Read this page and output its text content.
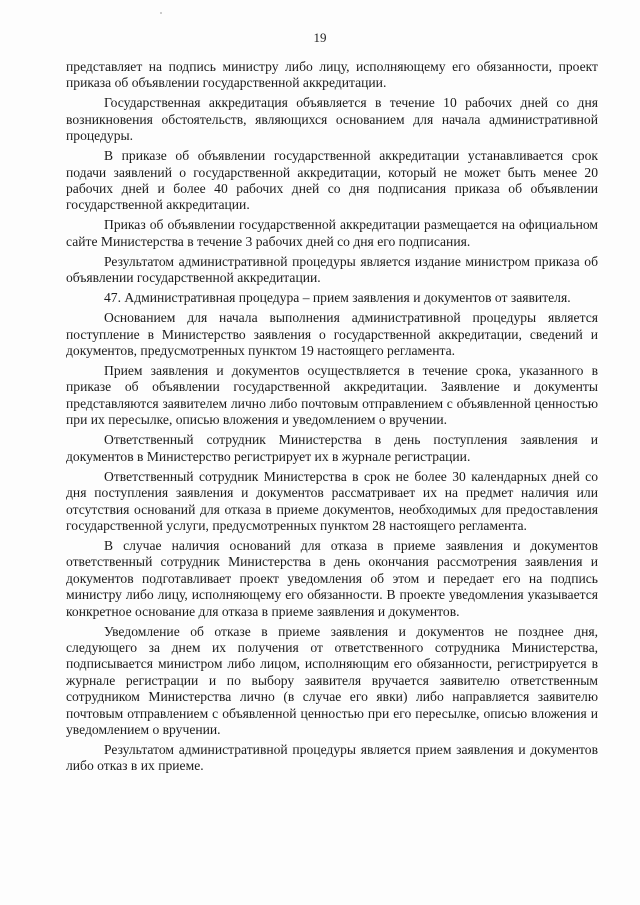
19

представляет на подпись министру либо лицу, исполняющему его обязанности, проект приказа об объявлении государственной аккредитации.

Государственная аккредитация объявляется в течение 10 рабочих дней со дня возникновения обстоятельств, являющихся основанием для начала административной процедуры.

В приказе об объявлении государственной аккредитации устанавливается срок подачи заявлений о государственной аккредитации, который не может быть менее 20 рабочих дней и более 40 рабочих дней со дня подписания приказа об объявлении государственной аккредитации.

Приказ об объявлении государственной аккредитации размещается на официальном сайте Министерства в течение 3 рабочих дней со дня его подписания.

Результатом административной процедуры является издание министром приказа об объявлении государственной аккредитации.

47. Административная процедура – прием заявления и документов от заявителя.

Основанием для начала выполнения административной процедуры является поступление в Министерство заявления о государственной аккредитации, сведений и документов, предусмотренных пунктом 19 настоящего регламента.

Прием заявления и документов осуществляется в течение срока, указанного в приказе об объявлении государственной аккредитации. Заявление и документы представляются заявителем лично либо почтовым отправлением с объявленной ценностью при их пересылке, описью вложения и уведомлением о вручении.

Ответственный сотрудник Министерства в день поступления заявления и документов в Министерство регистрирует их в журнале регистрации.

Ответственный сотрудник Министерства в срок не более 30 календарных дней со дня поступления заявления и документов рассматривает их на предмет наличия или отсутствия оснований для отказа в приеме документов, необходимых для предоставления государственной услуги, предусмотренных пунктом 28 настоящего регламента.

В случае наличия оснований для отказа в приеме заявления и документов ответственный сотрудник Министерства в день окончания рассмотрения заявления и документов подготавливает проект уведомления об этом и передает его на подпись министру либо лицу, исполняющему его обязанности. В проекте уведомления указывается конкретное основание для отказа в приеме заявления и документов.

Уведомление об отказе в приеме заявления и документов не позднее дня, следующего за днем их получения от ответственного сотрудника Министерства, подписывается министром либо лицом, исполняющим его обязанности, регистрируется в журнале регистрации и по выбору заявителя вручается заявителю ответственным сотрудником Министерства лично (в случае его явки) либо направляется заявителю почтовым отправлением с объявленной ценностью при его пересылке, описью вложения и уведомлением о вручении.

Результатом административной процедуры является прием заявления и документов либо отказ в их приеме.
